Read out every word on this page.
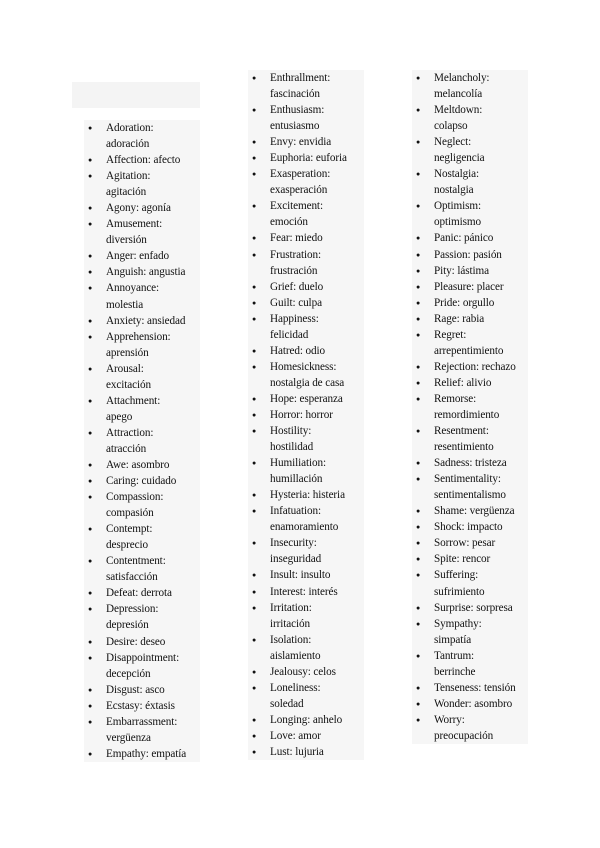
● Adoration:
adoración
● Affection: afecto
● Agitation:
agitación
● Agony: agonía
● Amusement:
diversión
● Anger: enfado
● Anguish: angustia
● Annoyance:
molestia
● Anxiety: ansiedad
● Apprehension:
aprensión
● Arousal:
excitación
● Attachment:
apego
● Attraction:
atracción
● Awe: asombro
● Caring: cuidado
● Compassion:
compasión
● Contempt:
desprecio
● Contentment:
satisfacción
● Defeat: derrota
● Depression:
depresión
● Desire: deseo
● Disappointment:
decepción
● Disgust: asco
● Ecstasy: éxtasis
● Embarrassment:
vergüenza
● Empathy: empatía
● Enthrallment:
fascinación
● Enthusiasm:
entusiasmo
● Envy: envidia
● Euphoria: euforia
● Exasperation:
exasperación
● Excitement:
emoción
● Fear: miedo
● Frustration:
frustración
● Grief: duelo
● Guilt: culpa
● Happiness:
felicidad
● Hatred: odio
● Homesickness:
nostalgia de casa
● Hope: esperanza
● Horror: horror
● Hostility:
hostilidad
● Humiliation:
humillación
● Hysteria: histeria
● Infatuation:
enamoramiento
● Insecurity:
inseguridad
● Insult: insulto
● Interest: interés
● Irritation:
irritación
● Isolation:
aislamiento
● Jealousy: celos
● Loneliness:
soledad
● Longing: anhelo
● Love: amor
● Lust: lujuria
● Melancholy:
melancolía
● Meltdown:
colapso
● Neglect:
negligencia
● Nostalgia:
nostalgia
● Optimism:
optimismo
● Panic: pánico
● Passion: pasión
● Pity: lástima
● Pleasure: placer
● Pride: orgullo
● Rage: rabia
● Regret:
arrepentimiento
● Rejection: rechazo
● Relief: alivio
● Remorse:
remordimiento
● Resentment:
resentimiento
● Sadness: tristeza
● Sentimentality:
sentimentalismo
● Shame: vergüenza
● Shock: impacto
● Sorrow: pesar
● Spite: rencor
● Suffering:
sufrimiento
● Surprise: sorpresa
● Sympathy:
simpatía
● Tantrum:
berrinche
● Tenseness: tensión
● Wonder: asombro
● Worry:
preocupación
